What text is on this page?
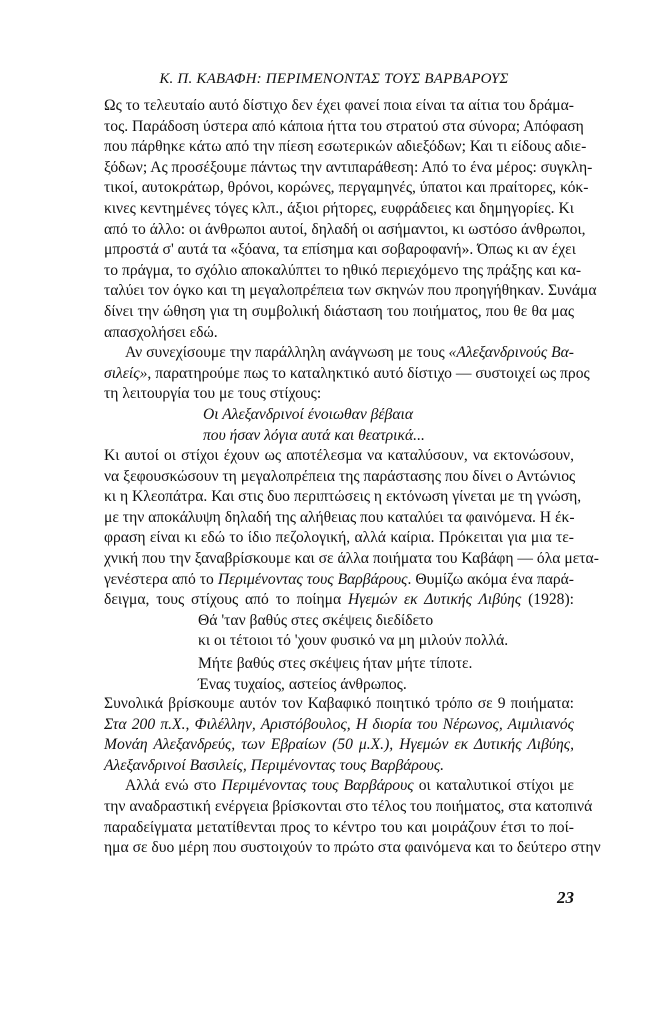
Κ. Π. ΚΑΒΑΦΗ: ΠΕΡΙΜΕΝΟΝΤΑΣ ΤΟΥΣ ΒΑΡΒΑΡΟΥΣ
Ως το τελευταίο αυτό δίστιχο δεν έχει φανεί ποια είναι τα αίτια του δράμα-
τος. Παράδοση ύστερα από κάποια ήττα του στρατού στα σύνορα; Απόφαση
που πάρθηκε κάτω από την πίεση εσωτερικών αδιεξόδων; Και τι είδους αδιε-
ξόδων; Ας προσέξουμε πάντως την αντιπαράθεση: Από το ένα μέρος: συγκλη-
τικοί, αυτοκράτωρ, θρόνοι, κορώνες, περγαμηνές, ύπατοι και πραίτορες, κόκ-
κινες κεντημένες τόγες κλπ., άξιοι ρήτορες, ευφράδειες και δημηγορίες. Κι
από το άλλο: οι άνθρωποι αυτοί, δηλαδή οι ασήμαντοι, κι ωστόσο άνθρωποι,
μπροστά σ' αυτά τα «ξόανα, τα επίσημα και σοβαροφανή». Όπως κι αν έχει
το πράγμα, το σχόλιο αποκαλύπτει το ηθικό περιεχόμενο της πράξης και κα-
ταλύει τον όγκο και τη μεγαλοπρέπεια των σκηνών που προηγήθηκαν. Συνάμα
δίνει την ώθηση για τη συμβολική διάσταση του ποιήματος, που θε θα μας
απασχολήσει εδώ.
Αν συνεχίσουμε την παράλληλη ανάγνωση με τους «Αλεξανδρινούς Βα-
σιλείς», παρατηρούμε πως το καταληκτικό αυτό δίστιχο — συστοιχεί ως προς
τη λειτουργία του με τους στίχους:
Οι Αλεξανδρινοί ένοιωθαν βέβαια
που ήσαν λόγια αυτά και θεατρικά...
Κι αυτοί οι στίχοι έχουν ως αποτέλεσμα να καταλύσουν, να εκτονώσουν,
να ξεφουσκώσουν τη μεγαλοπρέπεια της παράστασης που δίνει ο Αντώνιος
κι η Κλεοπάτρα. Και στις δυο περιπτώσεις η εκτόνωση γίνεται με τη γνώση,
με την αποκάλυψη δηλαδή της αλήθειας που καταλύει τα φαινόμενα. Η έκ-
φραση είναι κι εδώ το ίδιο πεζολογική, αλλά καίρια. Πρόκειται για μια τε-
χνική που την ξαναβρίσκουμε και σε άλλα ποιήματα του Καβάφη — όλα μετα-
γενέστερα από το Περιμένοντας τους Βαρβάρους. Θυμίζω ακόμα ένα παρά-
δειγμα, τους στίχους από το ποίημα Ηγεμών εκ Δυτικής Λιβύης (1928):
Θά 'ταν βαθύς στες σκέψεις διεδίδετο
κι οι τέτοιοι τό 'χουν φυσικό να μη μιλούν πολλά.
Μήτε βαθύς στες σκέψεις ήταν μήτε τίποτε.
Ένας τυχαίος, αστείος άνθρωπος.
Συνολικά βρίσκουμε αυτόν τον Καβαφικό ποιητικό τρόπο σε 9 ποιήματα:
Στα 200 π.Χ., Φιλέλλην, Αριστόβουλος, Η διορία του Νέρωνος, Αιμιλιανός
Μονάη Αλεξανδρεύς, των Εβραίων (50 μ.Χ.), Ηγεμών εκ Δυτικής Λιβύης,
Αλεξανδρινοί Βασιλείς, Περιμένοντας τους Βαρβάρους.
Αλλά ενώ στο Περιμένοντας τους Βαρβάρους οι καταλυτικοί στίχοι με
την αναδραστική ενέργεια βρίσκονται στο τέλος του ποιήματος, στα κατοπινά
παραδείγματα μετατίθενται προς το κέντρο του και μοιράζουν έτσι το ποί-
ημα σε δυο μέρη που συστοιχούν το πρώτο στα φαινόμενα και το δεύτερο στην
23
